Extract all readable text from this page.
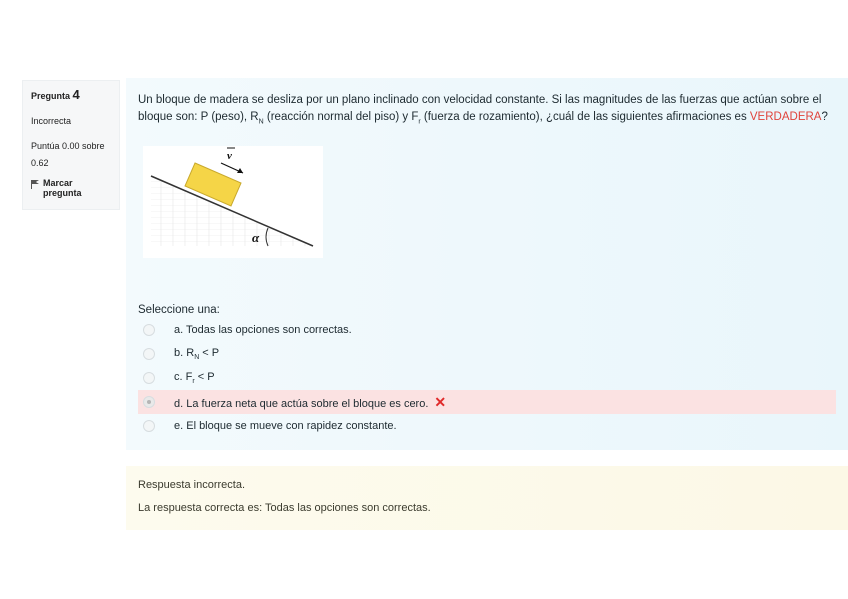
Pregunta 4
Incorrecta
Puntúa 0.00 sobre
0.62
Marcar
pregunta
Un bloque de madera se desliza por un plano inclinado con velocidad constante. Si las magnitudes de las fuerzas que actúan sobre el bloque son: P (peso), $R_N$ (reacción normal del piso) y $F_r$ (fuerza de rozamiento), ¿cuál de las siguientes afirmaciones es VERDADERA?
v
α
Seleccione una:
a. Todas las opciones son correctas.
b. $R_N < P$
c. $F_r < P$
d. La fuerza neta que actúa sobre el bloque es cero. ✕
e. El bloque se mueve con rapidez constante.
Respuesta incorrecta.
La respuesta correcta es: Todas las opciones son correctas.
